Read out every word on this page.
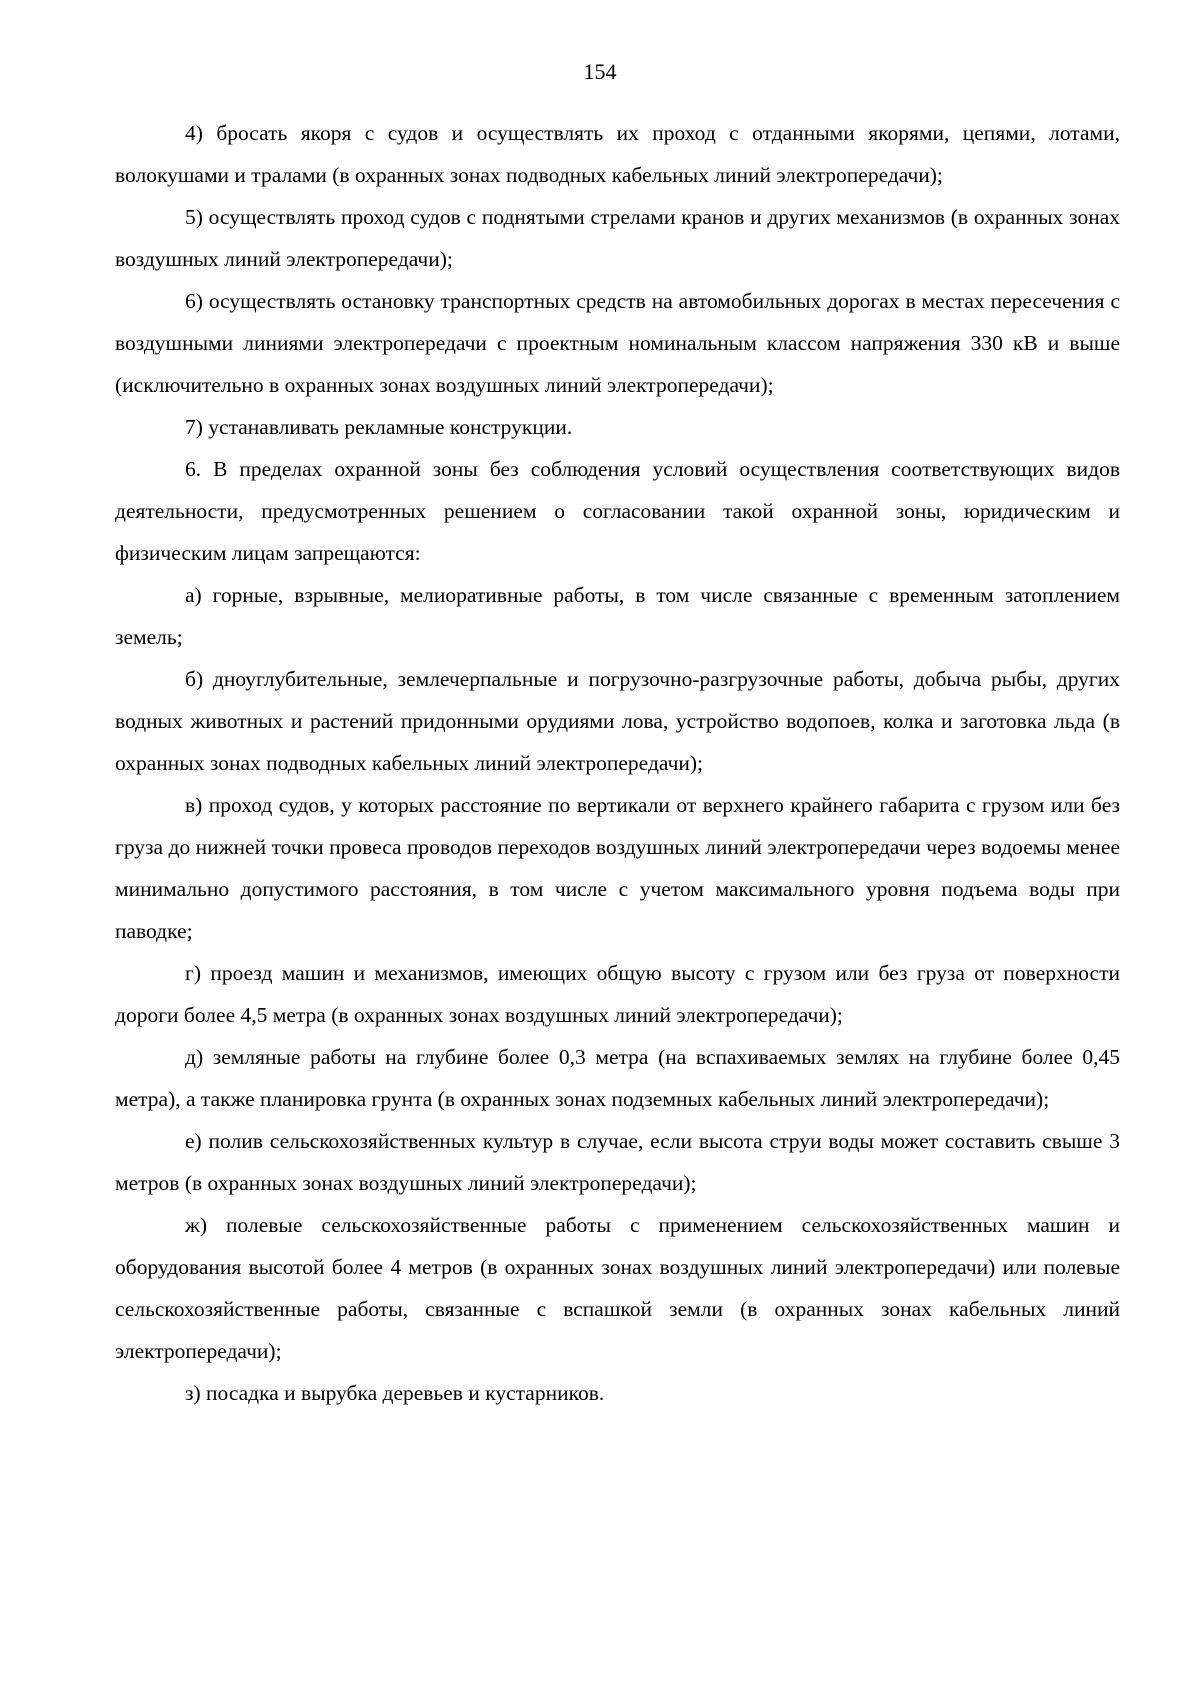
154

4) бросать якоря с судов и осуществлять их проход с отданными якорями, цепями, лотами, волокушами и тралами (в охранных зонах подводных кабельных линий электропередачи);

5) осуществлять проход судов с поднятыми стрелами кранов и других механизмов (в охранных зонах воздушных линий электропередачи);

6) осуществлять остановку транспортных средств на автомобильных дорогах в местах пересечения с воздушными линиями электропередачи с проектным номинальным классом напряжения 330 кВ и выше (исключительно в охранных зонах воздушных линий электропередачи);

7) устанавливать рекламные конструкции.

6. В пределах охранной зоны без соблюдения условий осуществления соответствующих видов деятельности, предусмотренных решением о согласовании такой охранной зоны, юридическим и физическим лицам запрещаются:

а) горные, взрывные, мелиоративные работы, в том числе связанные с временным затоплением земель;

б) дноуглубительные, землечерпальные и погрузочно-разгрузочные работы, добыча рыбы, других водных животных и растений придонными орудиями лова, устройство водопоев, колка и заготовка льда (в охранных зонах подводных кабельных линий электропередачи);

в) проход судов, у которых расстояние по вертикали от верхнего крайнего габарита с грузом или без груза до нижней точки провеса проводов переходов воздушных линий электропередачи через водоемы менее минимально допустимого расстояния, в том числе с учетом максимального уровня подъема воды при паводке;

г) проезд машин и механизмов, имеющих общую высоту с грузом или без груза от поверхности дороги более 4,5 метра (в охранных зонах воздушных линий электропередачи);

д) земляные работы на глубине более 0,3 метра (на вспахиваемых землях на глубине более 0,45 метра), а также планировка грунта (в охранных зонах подземных кабельных линий электропередачи);

е) полив сельскохозяйственных культур в случае, если высота струи воды может составить свыше 3 метров (в охранных зонах воздушных линий электропередачи);

ж) полевые сельскохозяйственные работы с применением сельскохозяйственных машин и оборудования высотой более 4 метров (в охранных зонах воздушных линий электропередачи) или полевые сельскохозяйственные работы, связанные с вспашкой земли (в охранных зонах кабельных линий электропередачи);

з) посадка и вырубка деревьев и кустарников.
